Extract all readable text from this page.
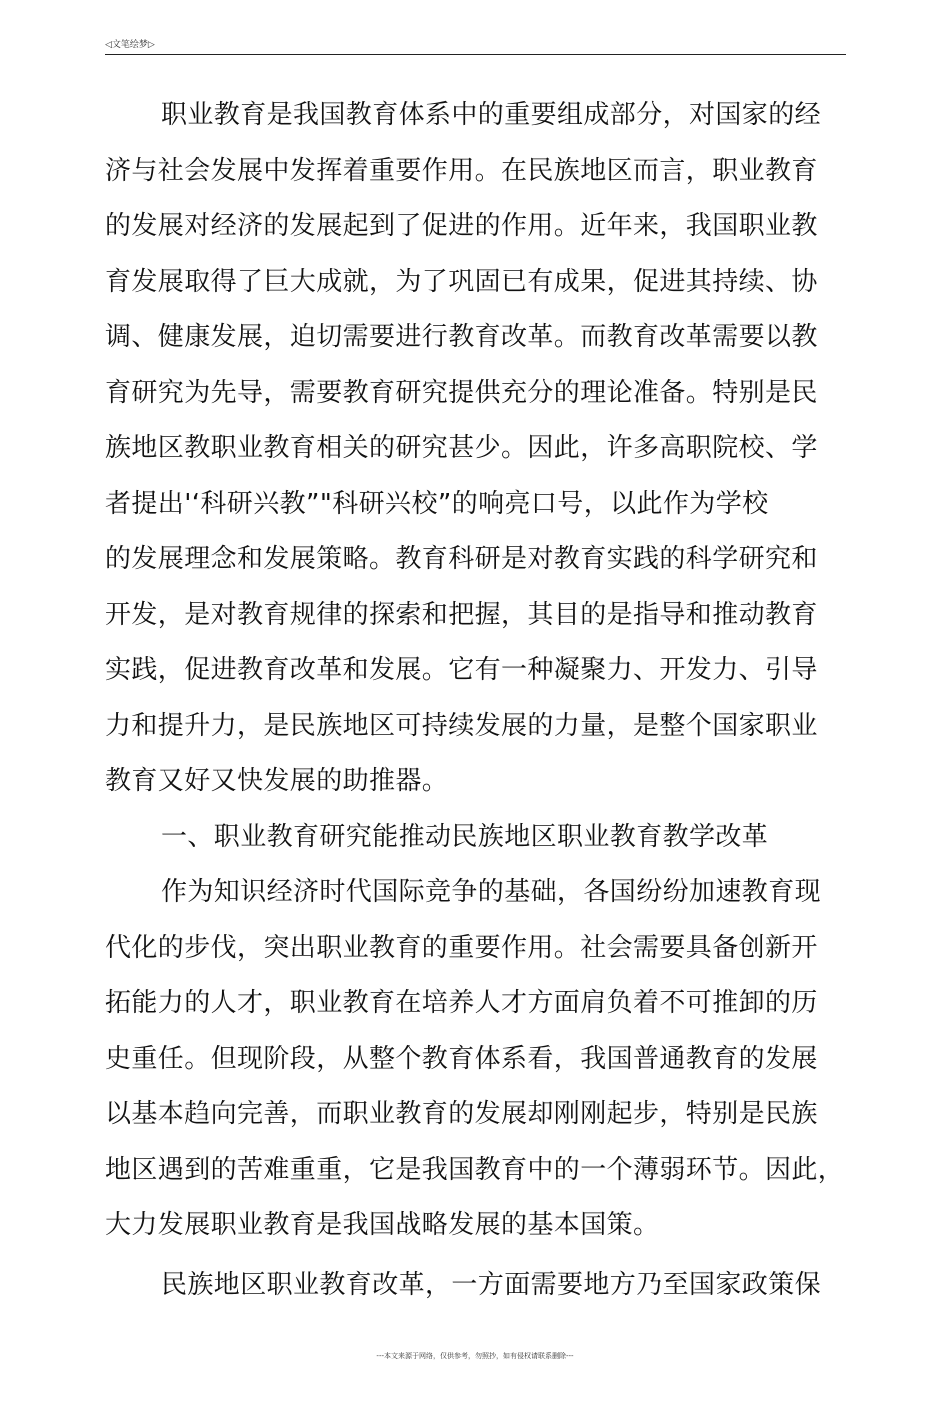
◁文笔绘梦▷
职业教育是我国教育体系中的重要组成部分，对国家的经
济与社会发展中发挥着重要作用。在民族地区而言，职业教育
的发展对经济的发展起到了促进的作用。近年来，我国职业教
育发展取得了巨大成就，为了巩固已有成果，促进其持续、协
调、健康发展，迫切需要进行教育改革。而教育改革需要以教
育研究为先导，需要教育研究提供充分的理论准备。特别是民
族地区教职业教育相关的研究甚少。因此，许多高职院校、学
者提出'‘科研兴教”"科研兴校”的响亮口号，以此作为学校
的发展理念和发展策略。教育科研是对教育实践的科学研究和
开发，是对教育规律的探索和把握，其目的是指导和推动教育
实践，促进教育改革和发展。它有一种凝聚力、开发力、引导
力和提升力，是民族地区可持续发展的力量，是整个国家职业
教育又好又快发展的助推器。
一、职业教育研究能推动民族地区职业教育教学改革
作为知识经济时代国际竞争的基础，各国纷纷加速教育现
代化的步伐，突出职业教育的重要作用。社会需要具备创新开
拓能力的人才，职业教育在培养人才方面肩负着不可推卸的历
史重任。但现阶段，从整个教育体系看，我国普通教育的发展
以基本趋向完善，而职业教育的发展却刚刚起步，特别是民族
地区遇到的苦难重重，它是我国教育中的一个薄弱环节。因此，
大力发展职业教育是我国战略发展的基本国策。
民族地区职业教育改革，一方面需要地方乃至国家政策保
---本文来源于网络，仅供参考，勿照抄，如有侵权请联系删除---
